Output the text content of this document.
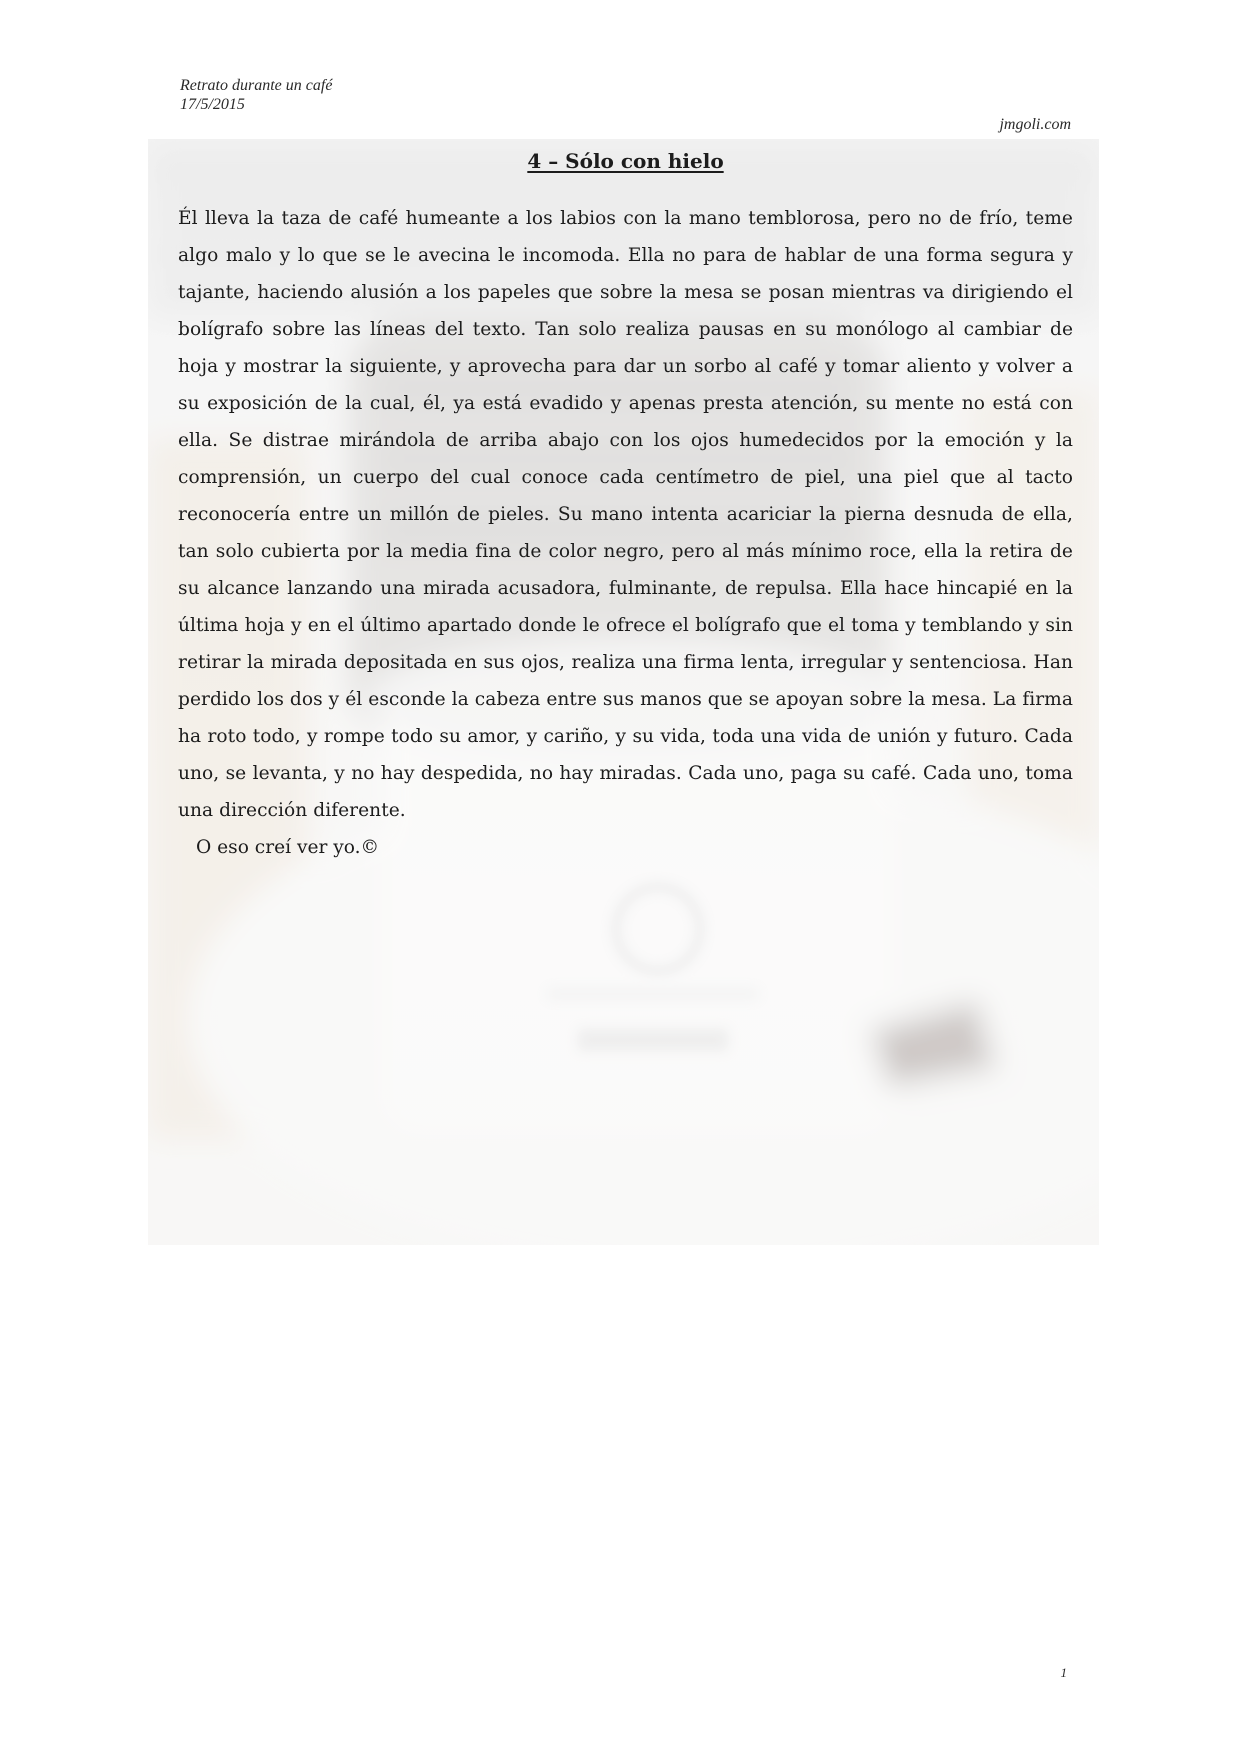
Retrato durante un café
17/5/2015
jmgoli.com
4 – Sólo con hielo

Él lleva la taza de café humeante a los labios con la mano temblorosa, pero no de frío, teme algo malo y lo que se le avecina le incomoda. Ella no para de hablar de una forma segura y tajante, haciendo alusión a los papeles que sobre la mesa se posan mientras va dirigiendo el bolígrafo sobre las líneas del texto. Tan solo realiza pausas en su monólogo al cambiar de hoja y mostrar la siguiente, y aprovecha para dar un sorbo al café y tomar aliento y volver a su exposición de la cual, él, ya está evadido y apenas presta atención, su mente no está con ella. Se distrae mirándola de arriba abajo con los ojos humedecidos por la emoción y la comprensión, un cuerpo del cual conoce cada centímetro de piel, una piel que al tacto reconocería entre un millón de pieles. Su mano intenta acariciar la pierna desnuda de ella, tan solo cubierta por la media fina de color negro, pero al más mínimo roce, ella la retira de su alcance lanzando una mirada acusadora, fulminante, de repulsa. Ella hace hincapié en la última hoja y en el último apartado donde le ofrece el bolígrafo que el toma y temblando y sin retirar la mirada depositada en sus ojos, realiza una firma lenta, irregular y sentenciosa. Han perdido los dos y él esconde la cabeza entre sus manos que se apoyan sobre la mesa. La firma ha roto todo, y rompe todo su amor, y cariño, y su vida, toda una vida de unión y futuro. Cada uno, se levanta, y no hay despedida, no hay miradas. Cada uno, paga su café. Cada uno, toma una dirección diferente.

O eso creí ver yo.©

1
